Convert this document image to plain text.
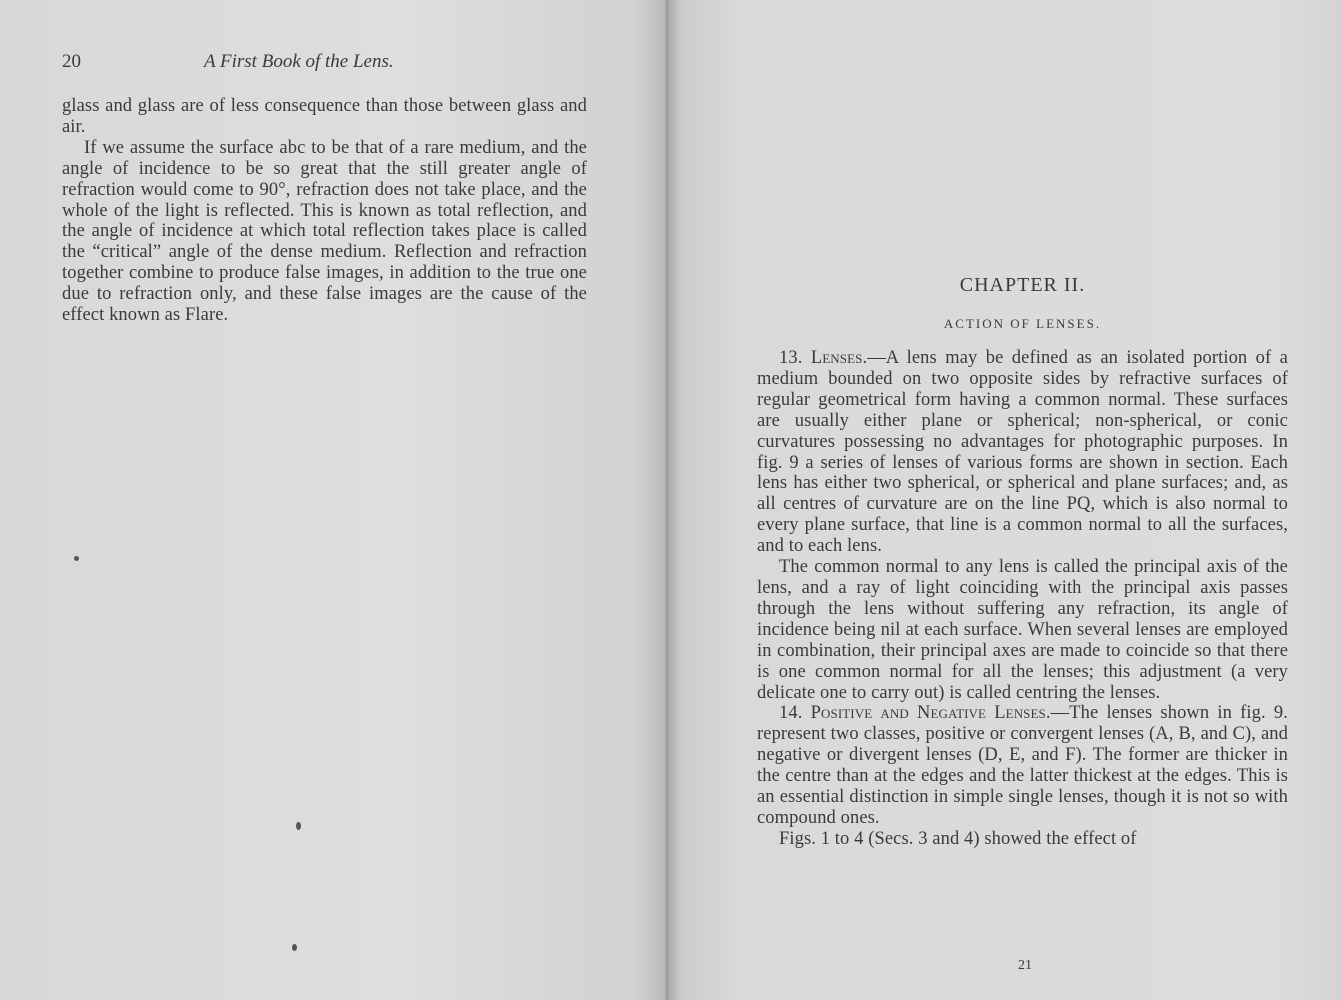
20	A First Book of the Lens.

glass and glass are of less consequence than those between glass and air.

If we assume the surface abc to be that of a rare medium, and the angle of incidence to be so great that the still greater angle of refraction would come to 90°, refraction does not take place, and the whole of the light is reflected. This is known as total reflection, and the angle of incidence at which total reflection takes place is called the “critical” angle of the dense medium. Reflection and refraction together combine to produce false images, in addition to the true one due to refraction only, and these false images are the cause of the effect known as Flare.

CHAPTER II.
ACTION OF LENSES.

13. Lenses.—A lens may be defined as an isolated portion of a medium bounded on two opposite sides by refractive surfaces of regular geometrical form having a common normal. These surfaces are usually either plane or spherical; non-spherical, or conic curvatures possessing no advantages for photographic purposes. In fig. 9 a series of lenses of various forms are shown in section. Each lens has either two spherical, or spherical and plane surfaces; and, as all centres of curvature are on the line PQ, which is also normal to every plane surface, that line is a common normal to all the surfaces, and to each lens.

The common normal to any lens is called the principal axis of the lens, and a ray of light coinciding with the principal axis passes through the lens without suffering any refraction, its angle of incidence being nil at each surface. When several lenses are employed in combination, their principal axes are made to coincide so that there is one common normal for all the lenses; this adjustment (a very delicate one to carry out) is called centring the lenses.

14. Positive and Negative Lenses.—The lenses shown in fig. 9. represent two classes, positive or convergent lenses (A, B, and C), and negative or divergent lenses (D, E, and F). The former are thicker in the centre than at the edges and the latter thickest at the edges. This is an essential distinction in simple single lenses, though it is not so with compound ones.

Figs. 1 to 4 (Secs. 3 and 4) showed the effect of

21
